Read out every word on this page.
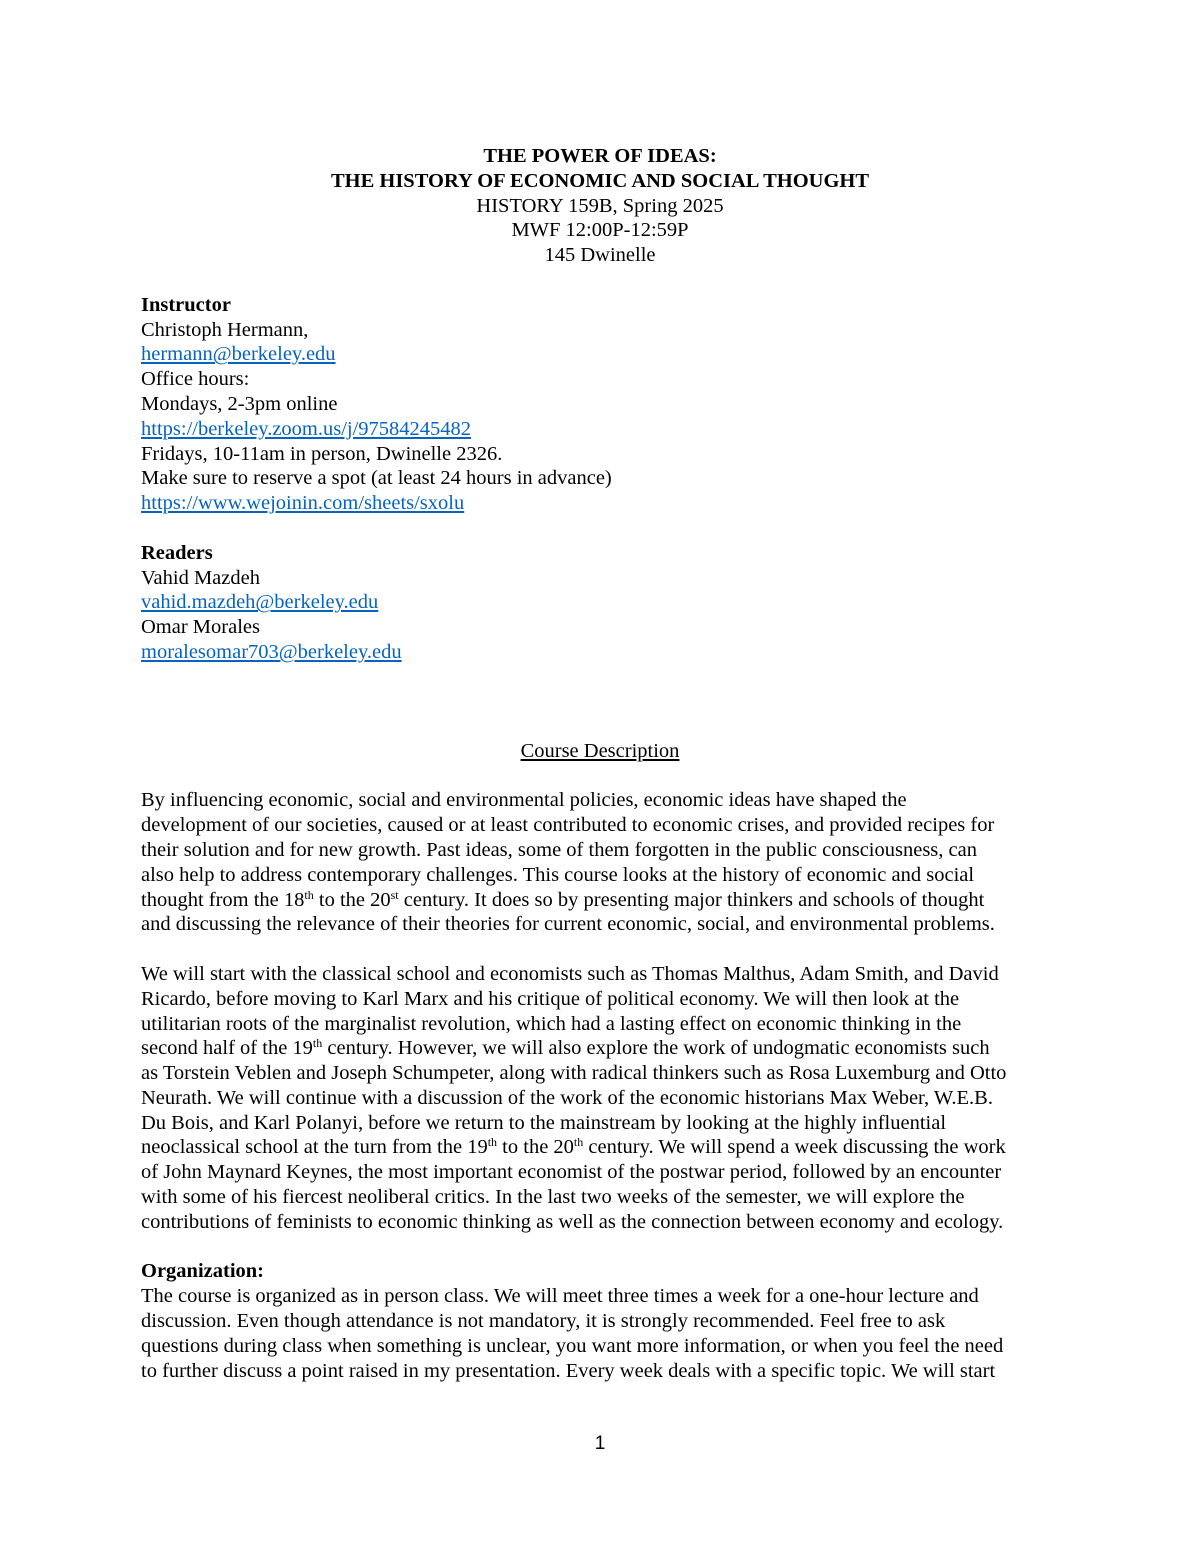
THE POWER OF IDEAS:
THE HISTORY OF ECONOMIC AND SOCIAL THOUGHT
HISTORY 159B, Spring 2025
MWF 12:00P-12:59P
145 Dwinelle
Instructor
Christoph Hermann,
hermann@berkeley.edu
Office hours:
Mondays, 2-3pm online
https://berkeley.zoom.us/j/97584245482
Fridays, 10-11am in person, Dwinelle 2326.
Make sure to reserve a spot (at least 24 hours in advance)
https://www.wejoinin.com/sheets/sxolu
Readers
Vahid Mazdeh
vahid.mazdeh@berkeley.edu
Omar Morales
moralesomar703@berkeley.edu
Course Description
By influencing economic, social and environmental policies, economic ideas have shaped the
development of our societies, caused or at least contributed to economic crises, and provided recipes for
their solution and for new growth. Past ideas, some of them forgotten in the public consciousness, can
also help to address contemporary challenges. This course looks at the history of economic and social
thought from the 18th to the 20st century. It does so by presenting major thinkers and schools of thought
and discussing the relevance of their theories for current economic, social, and environmental problems.
We will start with the classical school and economists such as Thomas Malthus, Adam Smith, and David
Ricardo, before moving to Karl Marx and his critique of political economy. We will then look at the
utilitarian roots of the marginalist revolution, which had a lasting effect on economic thinking in the
second half of the 19th century. However, we will also explore the work of undogmatic economists such
as Torstein Veblen and Joseph Schumpeter, along with radical thinkers such as Rosa Luxemburg and Otto
Neurath. We will continue with a discussion of the work of the economic historians Max Weber, W.E.B.
Du Bois, and Karl Polanyi, before we return to the mainstream by looking at the highly influential
neoclassical school at the turn from the 19th to the 20th century. We will spend a week discussing the work
of John Maynard Keynes, the most important economist of the postwar period, followed by an encounter
with some of his fiercest neoliberal critics. In the last two weeks of the semester, we will explore the
contributions of feminists to economic thinking as well as the connection between economy and ecology.
Organization:
The course is organized as in person class. We will meet three times a week for a one-hour lecture and
discussion. Even though attendance is not mandatory, it is strongly recommended. Feel free to ask
questions during class when something is unclear, you want more information, or when you feel the need
to further discuss a point raised in my presentation. Every week deals with a specific topic. We will start
1
